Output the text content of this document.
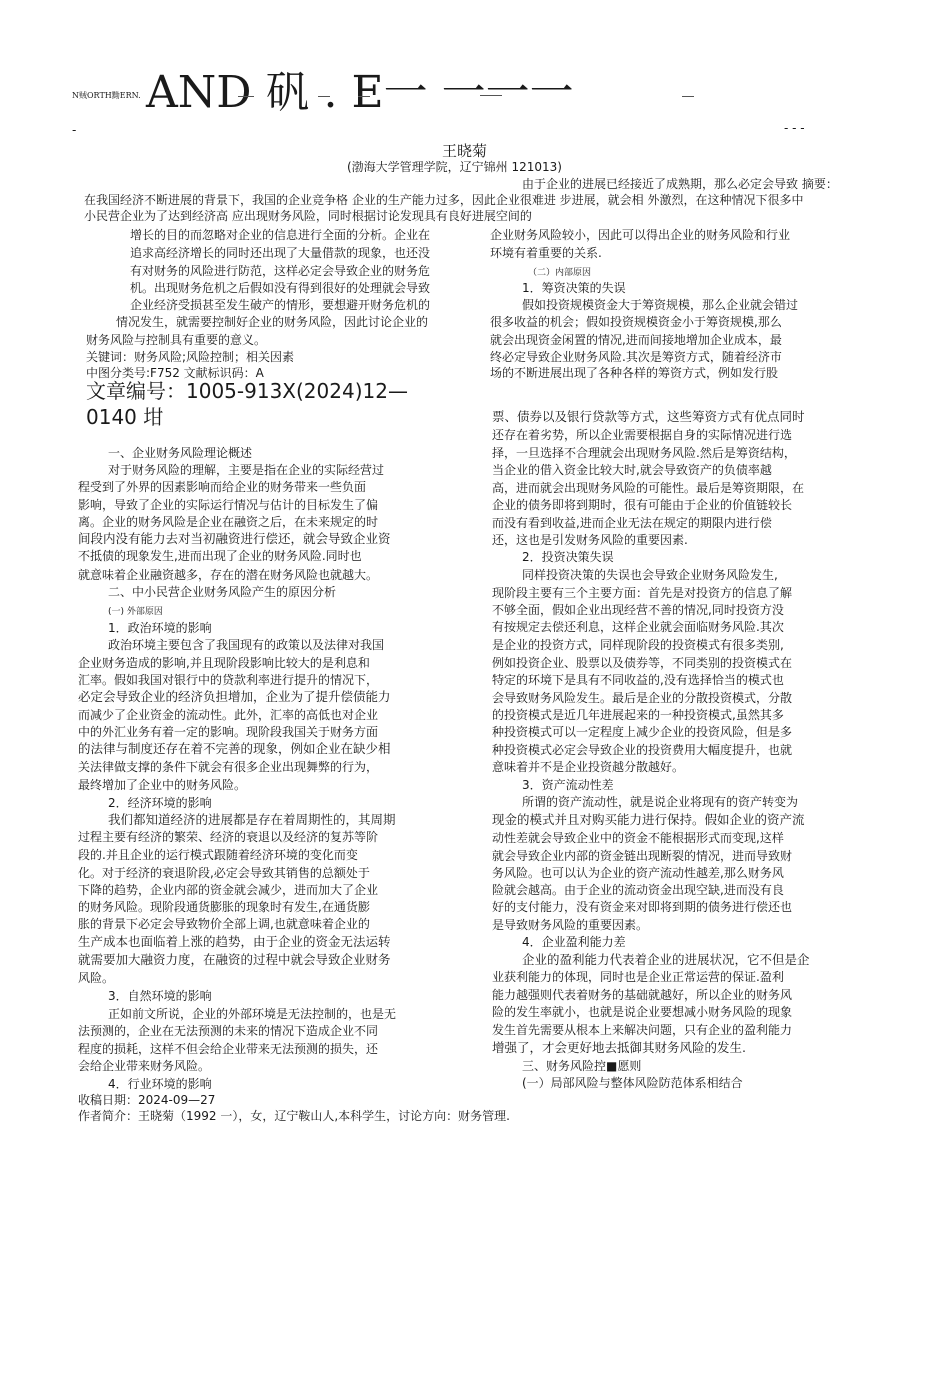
N贼ORTH黝ERN. AND 矾 . E一 一一一
-	- - -
王晓菊
(渤海大学管理学院，辽宁锦州 121013)
由于企业的进展已经接近了成熟期，那么必定会导致 摘要：
在我国经济不断进展的背景下，我国的企业竞争格 企业的生产能力过多，因此企业很难进 步进展，就会相 外激烈，在这种情况下很多中
小民营企业为了达到经济高 应出现财务风险，同时根据讨论发现具有良好进展空间的
增长的目的而忽略对企业的信息进行全面的分析。企业在
追求高经济增长的同时还出现了大量借款的现象，也还没
有对财务的风险进行防范，这样必定会导致企业的财务危
机。出现财务危机之后假如没有得到很好的处理就会导致
企业经济受损甚至发生破产的情形，要想避开财务危机的
情况发生，就需要控制好企业的财务风险，因此讨论企业的
财务风险与控制具有重要的意义。
关键词：财务风险;风险控制；相关因素
中图分类号:F752 文献标识码：A
文章编号：1005-913X(2024)12—0140 坩
一、企业财务风险理论概述
对于财务风险的理解，主要是指在企业的实际经营过
程受到了外界的因素影响而给企业的财务带来一些负面
影响，导致了企业的实际运行情况与估计的目标发生了偏
离。企业的财务风险是企业在融资之后，在未来规定的时
间段内没有能力去对当初融资进行偿还，就会导致企业资
不抵债的现象发生,进而出现了企业的财务风险.同时也
就意味着企业融资越多，存在的潜在财务风险也就越大。
二、中小民营企业财务风险产生的原因分析
(一) 外部原因
1．政治环境的影响
政治环境主要包含了我国现有的政策以及法律对我国
企业财务造成的影响,并且现阶段影响比较大的是利息和
汇率。假如我国对银行中的贷款利率进行提升的情况下，
必定会导致企业的经济负担增加，企业为了提升偿债能力
而减少了企业资金的流动性。此外，汇率的高低也对企业
中的外汇业务有着一定的影响。现阶段我国关于财务方面
的法律与制度还存在着不完善的现象，例如企业在缺少相
关法律做支撑的条件下就会有很多企业出现舞弊的行为，
最终增加了企业中的财务风险。
2．经济环境的影响
我们都知道经济的进展都是存在着周期性的，其周期
过程主要有经济的繁荣、经济的衰退以及经济的复苏等阶
段的.并且企业的运行模式跟随着经济环境的变化而变
化。对于经济的衰退阶段,必定会导致其销售的总额处于
下降的趋势，企业内部的资金就会减少，进而加大了企业
的财务风险。现阶段通货膨胀的现象时有发生,在通货膨
胀的背景下必定会导致物价全部上调,也就意味着企业的
生产成本也面临着上涨的趋势，由于企业的资金无法运转
就需要加大融资力度，在融资的过程中就会导致企业财务
风险。
3．自然环境的影响
正如前文所说，企业的外部环境是无法控制的，也是无
法预测的，企业在无法预测的未来的情况下造成企业不同
程度的损耗，这样不但会给企业带来无法预测的损失，还
会给企业带来财务风险。
4．行业环境的影响
收稿日期：2024-09—27
作者简介：王晓菊（1992 一），女，辽宁鞍山人,本科学生，讨论方向：财务管理.
企业财务风险较小，因此可以得出企业的财务风险和行业
环境有着重要的关系.
（二）内部原因
1．筹资决策的失误
假如投资规模资金大于筹资规模，那么企业就会错过
很多收益的机会；假如投资规模资金小于筹资规模,那么
就会出现资金闲置的情况,进而间接地增加企业成本，最
终必定导致企业财务风险.其次是筹资方式，随着经济市
场的不断进展出现了各种各样的筹资方式，例如发行股
票、债券以及银行贷款等方式，这些筹资方式有优点同时
还存在着劣势，所以企业需要根据自身的实际情况进行选
择，一旦选择不合理就会出现财务风险.然后是筹资结构，
当企业的借入资金比较大时,就会导致资产的负债率越
高，进而就会出现财务风险的可能性。最后是筹资期限，在
企业的债务即将到期时，很有可能由于企业的价值链较长
而没有看到收益,进而企业无法在规定的期限内进行偿
还，这也是引发财务风险的重要因素.
2．投资决策失误
同样投资决策的失误也会导致企业财务风险发生,
现阶段主要有三个主要方面：首先是对投资方的信息了解
不够全面，假如企业出现经营不善的情况,同时投资方没
有按规定去偿还利息，这样企业就会面临财务风险.其次
是企业的投资方式，同样现阶段的投资模式有很多类别,
例如投资企业、股票以及债券等，不同类别的投资模式在
特定的环境下是具有不同收益的,没有选择恰当的模式也
会导致财务风险发生。最后是企业的分散投资模式，分散
的投资模式是近几年进展起来的一种投资模式,虽然其多
种投资模式可以一定程度上减少企业的投资风险，但是多
种投资模式必定会导致企业的投资费用大幅度提升，也就
意味着并不是企业投资越分散越好。
3．资产流动性差
所谓的资产流动性，就是说企业将现有的资产转变为
现金的模式并且对购买能力进行保持。假如企业的资产流
动性差就会导致企业中的资金不能根据形式而变现,这样
就会导致企业内部的资金链出现断裂的情况，进而导致财
务风险。也可以认为企业的资产流动性越差,那么财务风
险就会越高。由于企业的流动资金出现空缺,进而没有良
好的支付能力，没有资金来对即将到期的债务进行偿还也
是导致财务风险的重要因素。
4．企业盈利能力差
企业的盈利能力代表着企业的进展状况，它不但是企
业获利能力的体现，同时也是企业正常运营的保证.盈利
能力越强则代表着财务的基础就越好，所以企业的财务风
险的发生率就小，也就是说企业要想减小财务风险的现象
发生首先需要从根本上来解决问题，只有企业的盈利能力
增强了，才会更好地去抵御其财务风险的发生.
三、财务风险控■愿则
(一）局部风险与整体风险防范体系相结合
